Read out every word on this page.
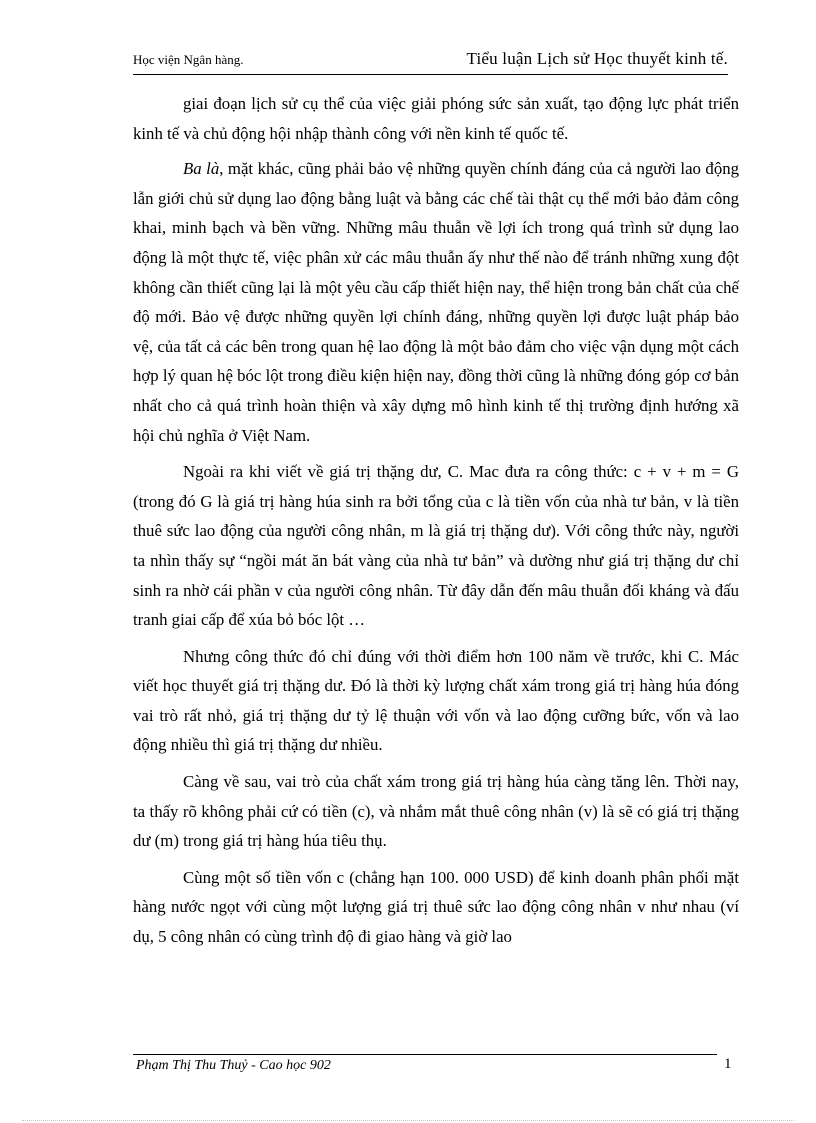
Học viện Ngân hàng.	Tiểu luận Lịch sử Học thuyết kinh tế.

giai đoạn lịch sử cụ thể của việc giải phóng sức sản xuất, tạo động lực phát triển kinh tế và chủ động hội nhập thành công với nền kinh tế quốc tế.

Ba là, mặt khác, cũng phải bảo vệ những quyền chính đáng của cả người lao động lẫn giới chủ sử dụng lao động bằng luật và bằng các chế tài thật cụ thể mới bảo đảm công khai, minh bạch và bền vững. Những mâu thuẫn về lợi ích trong quá trình sử dụng lao động là một thực tế, việc phân xử các mâu thuẫn ấy như thế nào để tránh những xung đột không cần thiết cũng lại là một yêu cầu cấp thiết hiện nay, thể hiện trong bản chất của chế độ mới. Bảo vệ được những quyền lợi chính đáng, những quyền lợi được luật pháp bảo vệ, của tất cả các bên trong quan hệ lao động là một bảo đảm cho việc vận dụng một cách hợp lý quan hệ bóc lột trong điều kiện hiện nay, đồng thời cũng là những đóng góp cơ bản nhất cho cả quá trình hoàn thiện và xây dựng mô hình kinh tế thị trường định hướng xã hội chủ nghĩa ở Việt Nam.

Ngoài ra khi viết về giá trị thặng dư, C. Mac đưa ra công thức: c + v + m = G (trong đó G là giá trị hàng húa sinh ra bởi tổng của c là tiền vốn của nhà tư bản, v là tiền thuê sức lao động của người công nhân, m là giá trị thặng dư). Với công thức này, người ta nhìn thấy sự “ngồi mát ăn bát vàng của nhà tư bản” và dường như giá trị thặng dư chỉ sinh ra nhờ cái phần v của người công nhân. Từ đây dẫn đến mâu thuẫn đối kháng và đấu tranh giai cấp để xúa bỏ bóc lột …

Nhưng công thức đó chỉ đúng với thời điểm hơn 100 năm về trước, khi C. Mác viết học thuyết giá trị thặng dư. Đó là thời kỳ lượng chất xám trong giá trị hàng húa đóng vai trò rất nhỏ, giá trị thặng dư tỷ lệ thuận với vốn và lao động cưỡng bức, vốn và lao động nhiều thì giá trị thặng dư nhiều.

Càng về sau, vai trò của chất xám trong giá trị hàng húa càng tăng lên. Thời nay, ta thấy rõ không phải cứ có tiền (c), và nhắm mắt thuê công nhân (v) là sẽ có giá trị thặng dư (m) trong giá trị hàng húa tiêu thụ.

Cùng một số tiền vốn c (chẳng hạn 100. 000 USD) để kinh doanh phân phối mặt hàng nước ngọt với cùng một lượng giá trị thuê sức lao động công nhân v như nhau (ví dụ, 5 công nhân có cùng trình độ đi giao hàng và giờ lao

Phạm Thị Thu Thuỷ - Cao học 902	1
